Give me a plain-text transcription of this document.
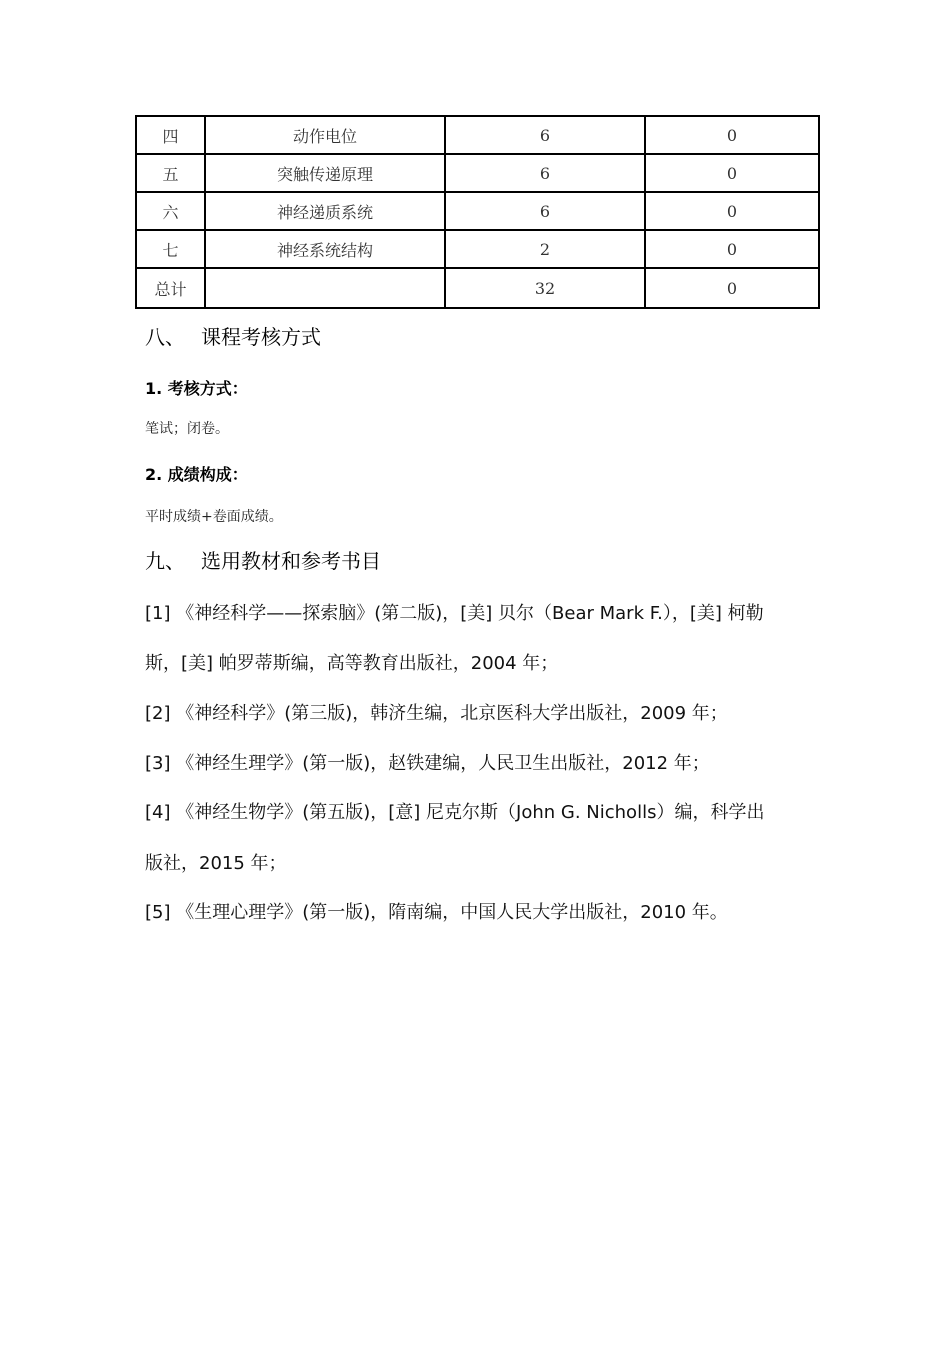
四	动作电位	6	0
五	突触传递原理	6	0
六	神经递质系统	6	0
七	神经系统结构	2	0
总计		32	0
八、 课程考核方式
1. 考核方式：
笔试；闭卷。
2. 成绩构成：
平时成绩+卷面成绩。
九、 选用教材和参考书目
[1] 《神经科学——探索脑》(第二版)，[美] 贝尔（Bear Mark F.），[美] 柯勒
斯，[美] 帕罗蒂斯编，高等教育出版社，2004 年；
[2] 《神经科学》(第三版)，韩济生编，北京医科大学出版社，2009 年；
[3] 《神经生理学》(第一版)，赵铁建编，人民卫生出版社，2012 年；
[4] 《神经生物学》(第五版)，[意] 尼克尔斯（John G. Nicholls）编，科学出
版社，2015 年；
[5] 《生理心理学》(第一版)，隋南编，中国人民大学出版社，2010 年。
